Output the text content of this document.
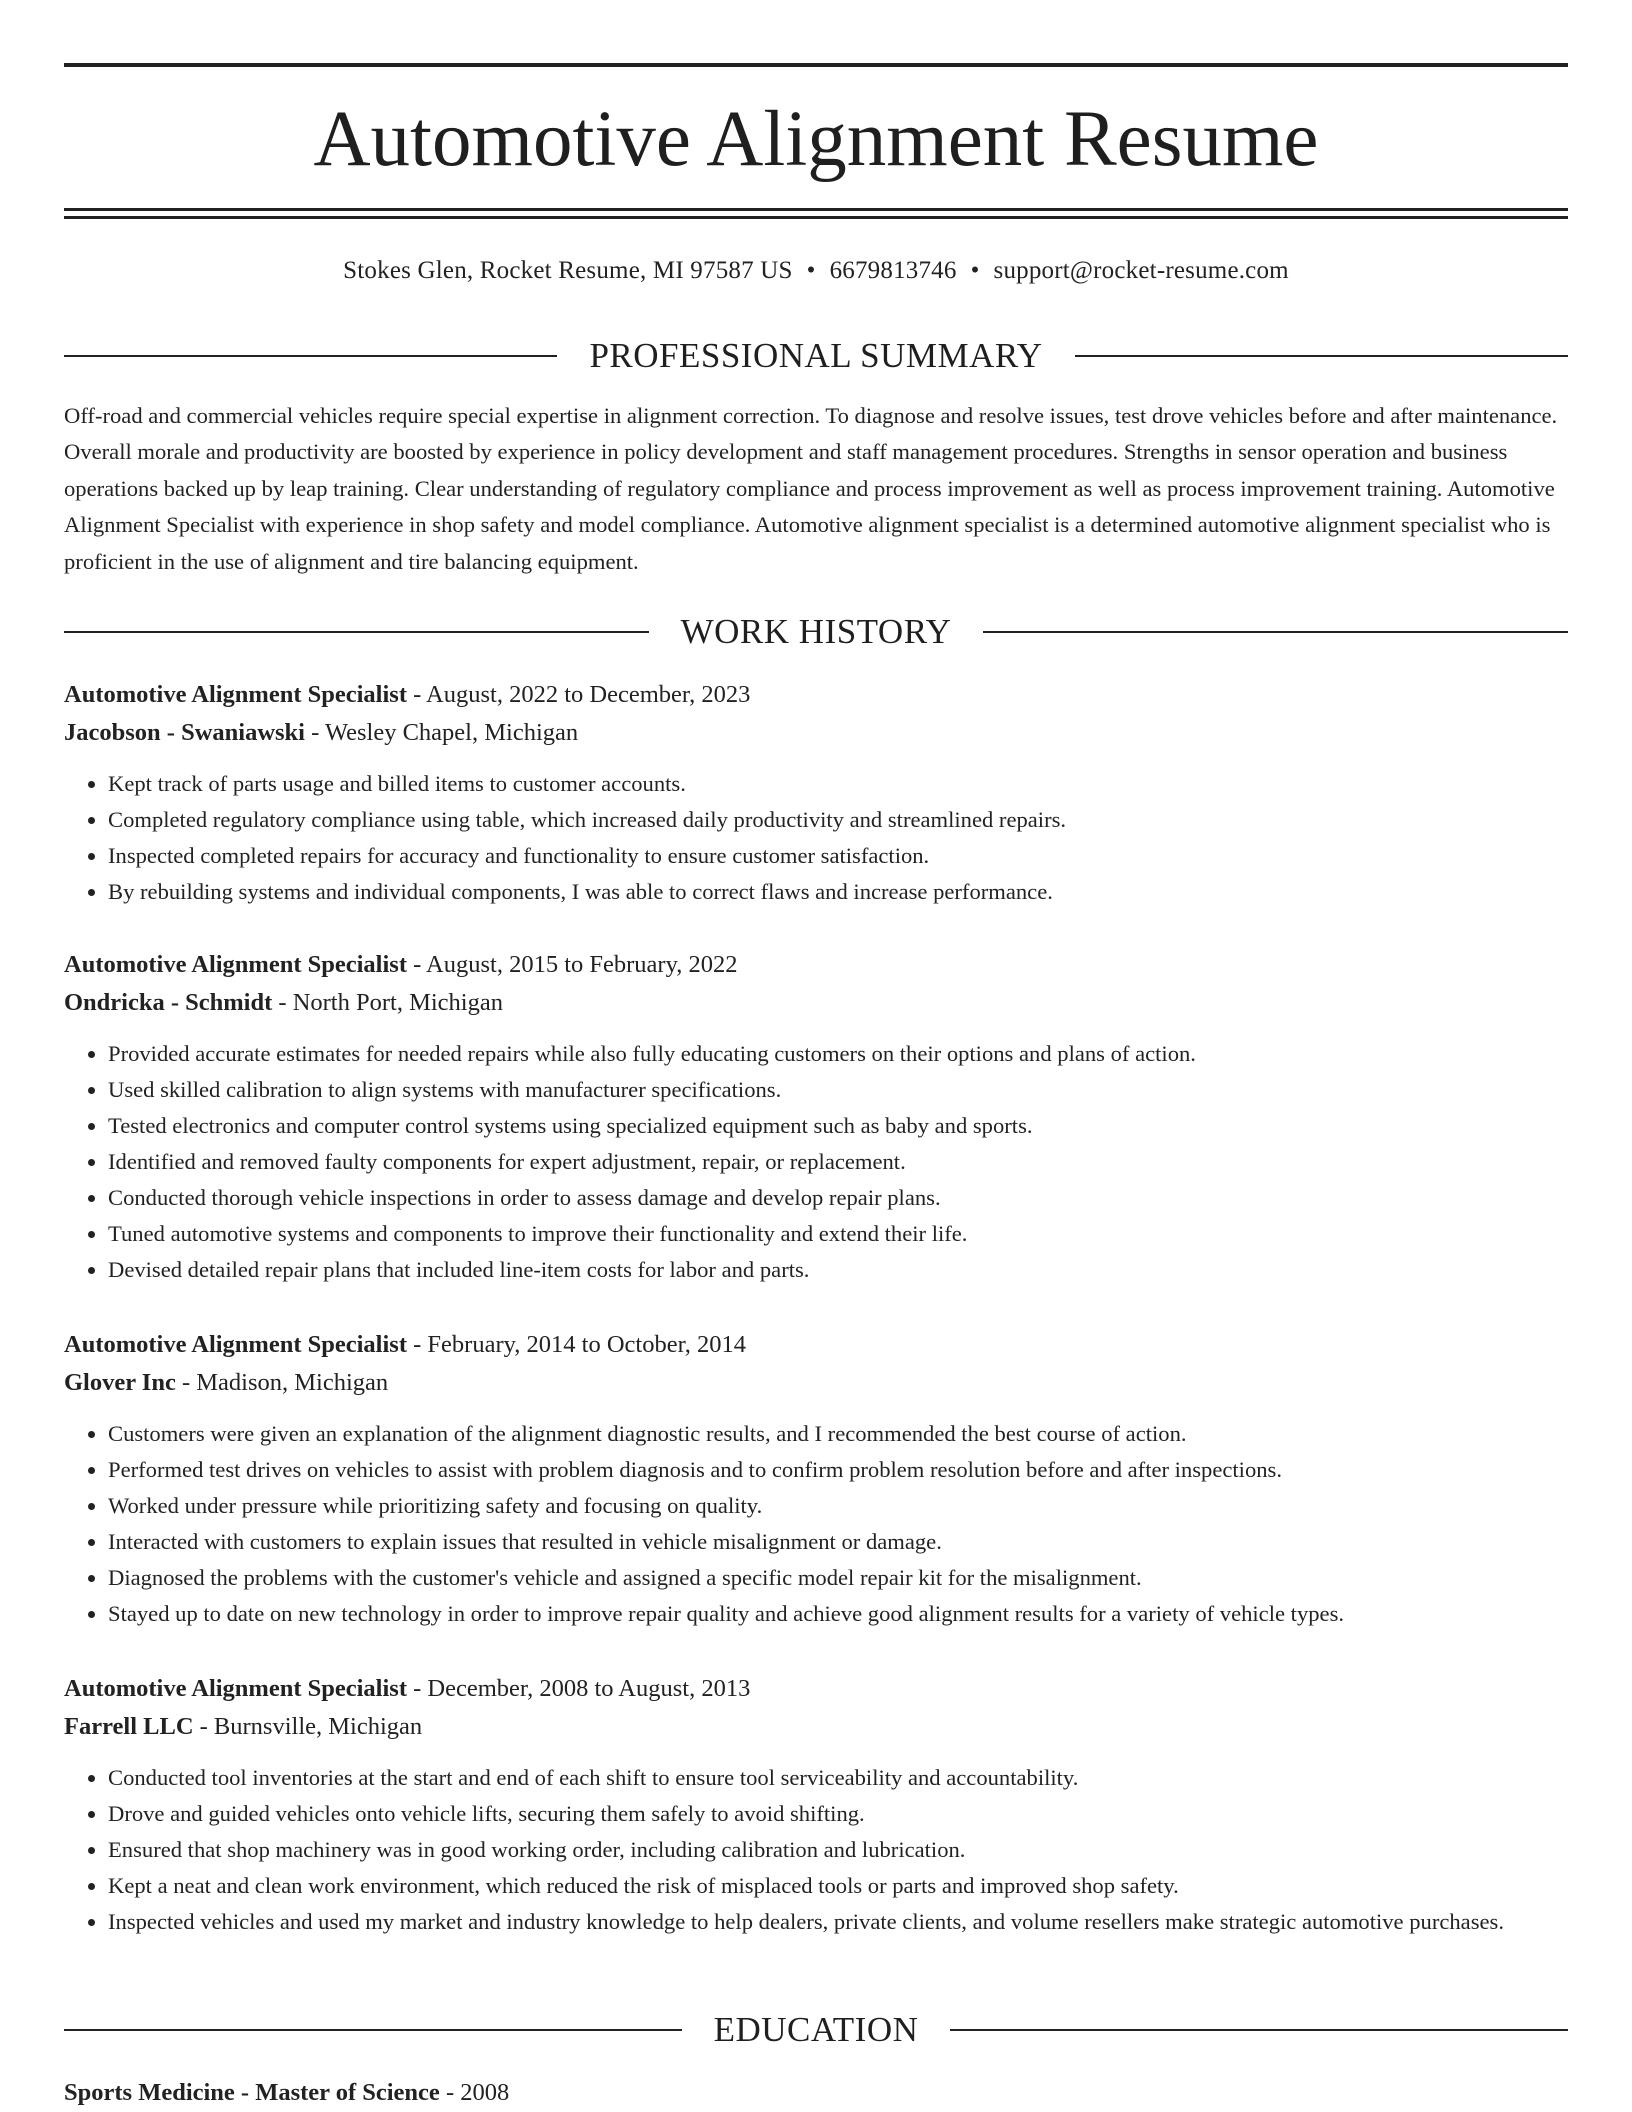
Automotive Alignment Resume
Stokes Glen, Rocket Resume, MI 97587 US • 6679813746 • support@rocket-resume.com
PROFESSIONAL SUMMARY

Off-road and commercial vehicles require special expertise in alignment correction. To diagnose and resolve issues, test drove vehicles before and after maintenance. Overall morale and productivity are boosted by experience in policy development and staff management procedures. Strengths in sensor operation and business operations backed up by leap training. Clear understanding of regulatory compliance and process improvement as well as process improvement training. Automotive Alignment Specialist with experience in shop safety and model compliance. Automotive alignment specialist is a determined automotive alignment specialist who is proficient in the use of alignment and tire balancing equipment.

WORK HISTORY

Automotive Alignment Specialist - August, 2022 to December, 2023

Jacobson - Swaniawski - Wesley Chapel, Michigan

• Kept track of parts usage and billed items to customer accounts.
• Completed regulatory compliance using table, which increased daily productivity and streamlined repairs.
• Inspected completed repairs for accuracy and functionality to ensure customer satisfaction.
• By rebuilding systems and individual components, I was able to correct flaws and increase performance.

Automotive Alignment Specialist - August, 2015 to February, 2022

Ondricka - Schmidt - North Port, Michigan

• Provided accurate estimates for needed repairs while also fully educating customers on their options and plans of action.
• Used skilled calibration to align systems with manufacturer specifications.
• Tested electronics and computer control systems using specialized equipment such as baby and sports.
• Identified and removed faulty components for expert adjustment, repair, or replacement.
• Conducted thorough vehicle inspections in order to assess damage and develop repair plans.
• Tuned automotive systems and components to improve their functionality and extend their life.
• Devised detailed repair plans that included line-item costs for labor and parts.

Automotive Alignment Specialist - February, 2014 to October, 2014

Glover Inc - Madison, Michigan

• Customers were given an explanation of the alignment diagnostic results, and I recommended the best course of action.
• Performed test drives on vehicles to assist with problem diagnosis and to confirm problem resolution before and after inspections.
• Worked under pressure while prioritizing safety and focusing on quality.
• Interacted with customers to explain issues that resulted in vehicle misalignment or damage.
• Diagnosed the problems with the customer's vehicle and assigned a specific model repair kit for the misalignment.
• Stayed up to date on new technology in order to improve repair quality and achieve good alignment results for a variety of vehicle types.

Automotive Alignment Specialist - December, 2008 to August, 2013

Farrell LLC - Burnsville, Michigan

• Conducted tool inventories at the start and end of each shift to ensure tool serviceability and accountability.
• Drove and guided vehicles onto vehicle lifts, securing them safely to avoid shifting.
• Ensured that shop machinery was in good working order, including calibration and lubrication.
• Kept a neat and clean work environment, which reduced the risk of misplaced tools or parts and improved shop safety.
• Inspected vehicles and used my market and industry knowledge to help dealers, private clients, and volume resellers make strategic automotive purchases.
EDUCATION
Sports Medicine - Master of Science - 2008
